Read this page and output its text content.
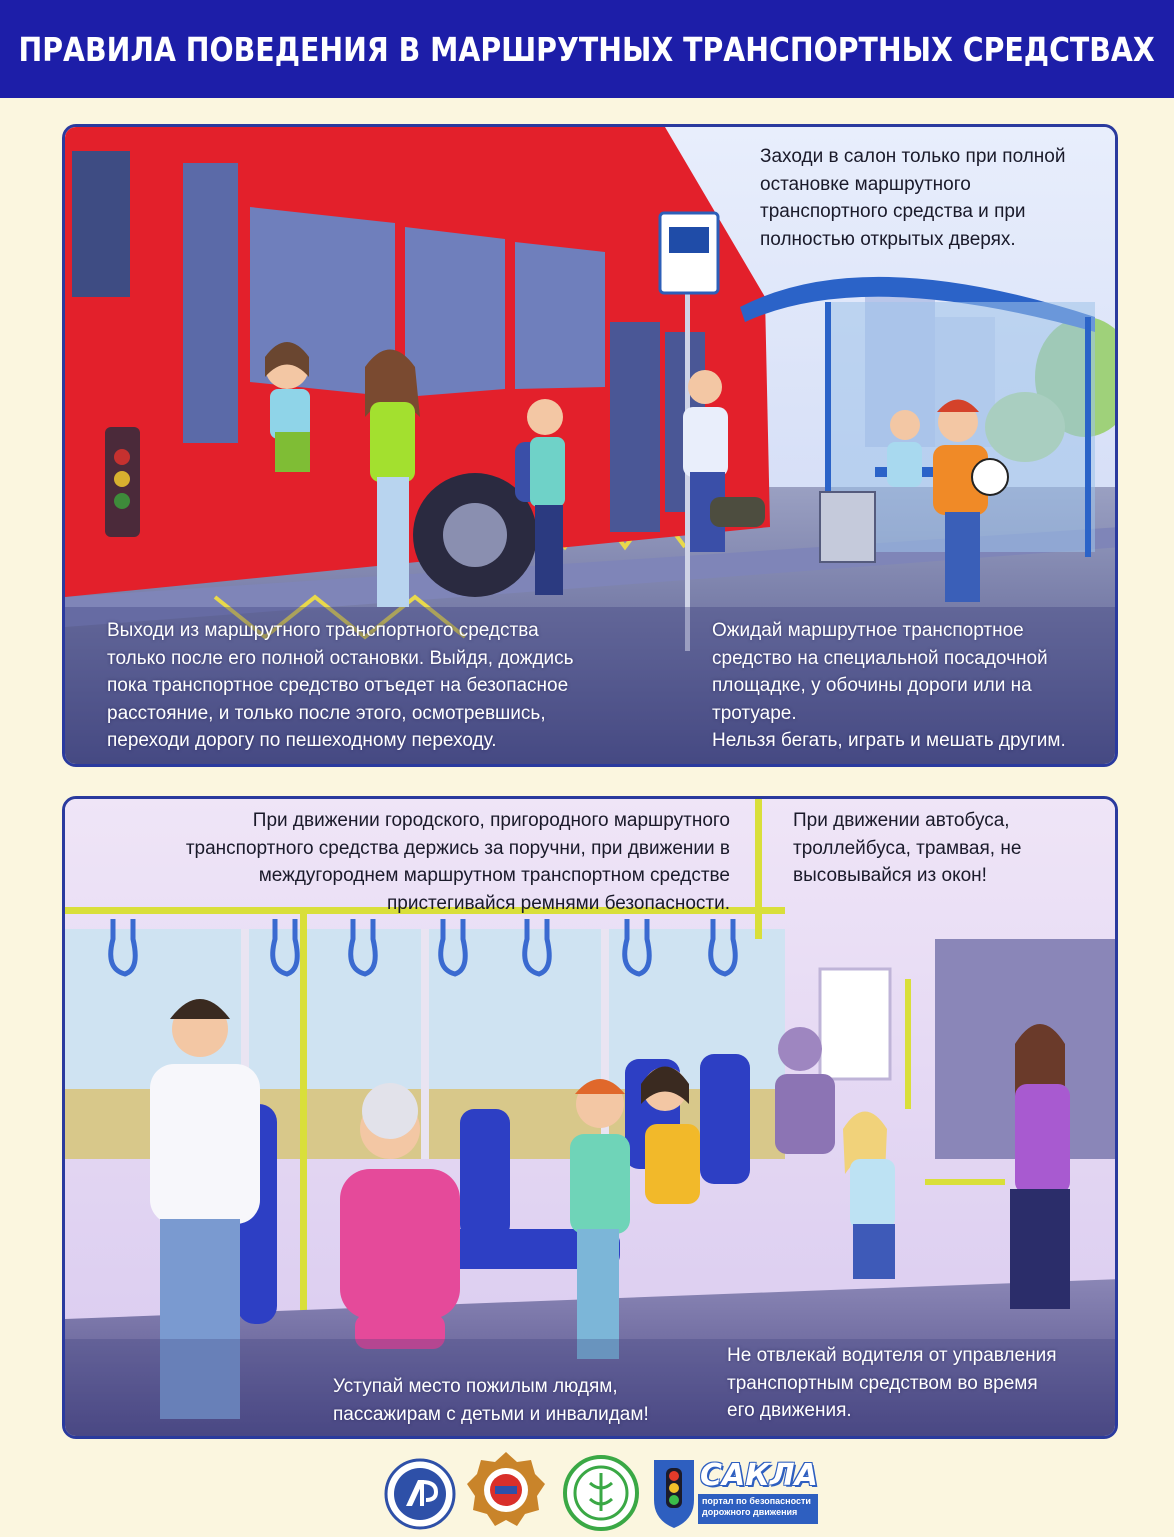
ПРАВИЛА ПОВЕДЕНИЯ В МАРШРУТНЫХ ТРАНСПОРТНЫХ СРЕДСТВАХ

Заходи в салон только при полной

остановке маршрутного

транспортного средства и при

полностью открытых дверях.

Выходи из маршрутного транспортного средства

только после его полной остановки. Выйдя, дождись

пока транспортное средство отъедет на безопасное

расстояние, и только после этого, осмотревшись,

переходи дорогу по пешеходному переходу.

Ожидай маршрутное транспортное

средство на специальной посадочной

площадке, у обочины дороги или на

тротуаре.

Нельзя бегать, играть и мешать другим.

При движении городского, пригородного маршрутного

транспортного средства держись за поручни, при движении в

междугороднем маршрутном транспортном средстве

пристегивайся ремнями безопасности.

При движении автобуса,

троллейбуса, трамвая, не

высовывайся из окон!

Уступай место пожилым людям,

пассажирам с детьми и инвалидам!

Не отвлекай водителя от управления

транспортным средством во время

его движения.

САКЛА

портал по безопасности

дорожного движения
